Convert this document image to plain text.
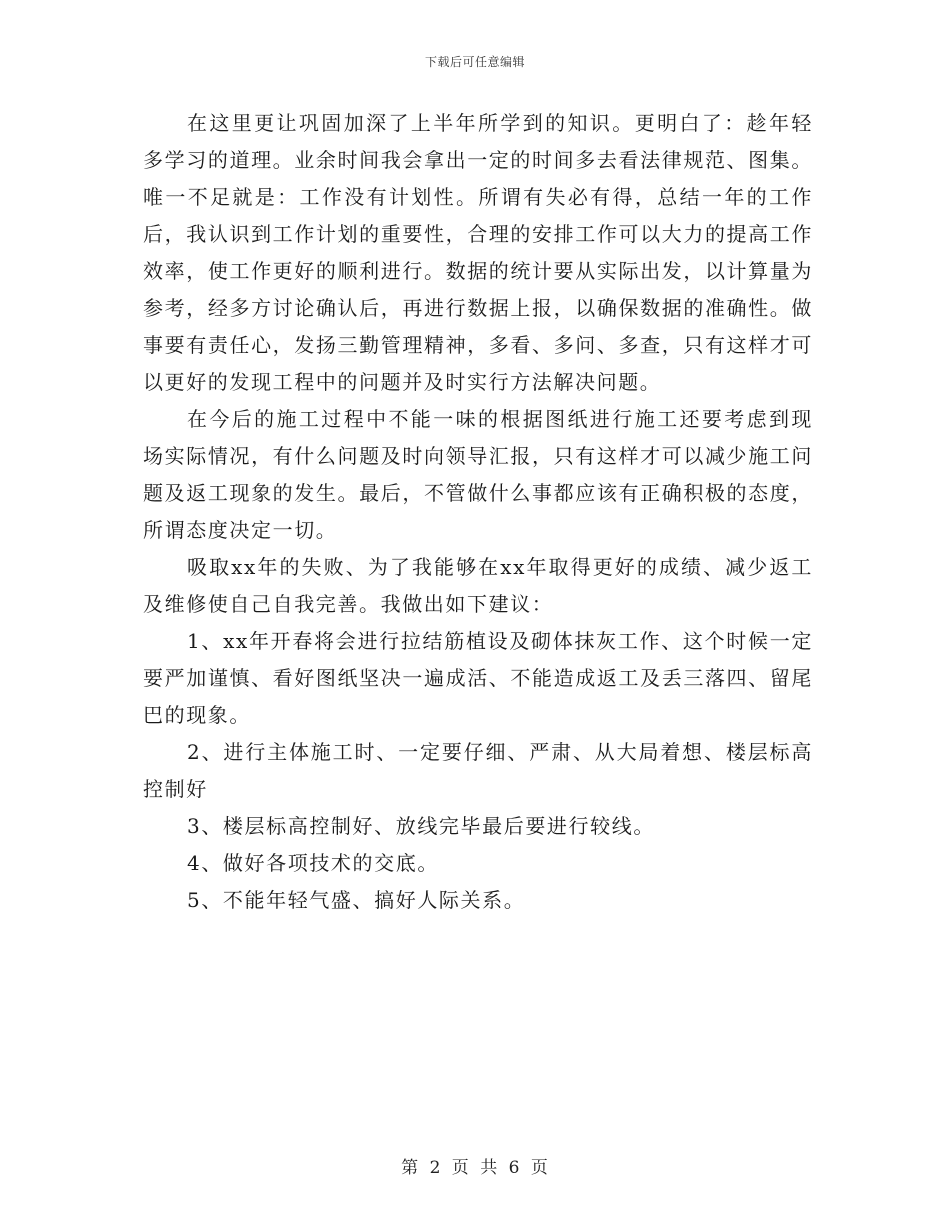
下载后可任意编辑

在这里更让巩固加深了上半年所学到的知识。更明白了：趁年轻多学习的道理。业余时间我会拿出一定的时间多去看法律规范、图集。唯一不足就是：工作没有计划性。所谓有失必有得，总结一年的工作后，我认识到工作计划的重要性，合理的安排工作可以大力的提高工作效率，使工作更好的顺利进行。数据的统计要从实际出发，以计算量为参考，经多方讨论确认后，再进行数据上报，以确保数据的准确性。做事要有责任心，发扬三勤管理精神，多看、多问、多查，只有这样才可以更好的发现工程中的问题并及时实行方法解决问题。

在今后的施工过程中不能一味的根据图纸进行施工还要考虑到现场实际情况，有什么问题及时向领导汇报，只有这样才可以减少施工问题及返工现象的发生。最后，不管做什么事都应该有正确积极的态度，所谓态度决定一切。

吸取xx年的失败、为了我能够在xx年取得更好的成绩、减少返工及维修使自己自我完善。我做出如下建议：

1、xx年开春将会进行拉结筋植设及砌体抹灰工作、这个时候一定要严加谨慎、看好图纸坚决一遍成活、不能造成返工及丢三落四、留尾巴的现象。

2、进行主体施工时、一定要仔细、严肃、从大局着想、楼层标高控制好

3、楼层标高控制好、放线完毕最后要进行较线。

4、做好各项技术的交底。

5、不能年轻气盛、搞好人际关系。

第 2 页 共 6 页
